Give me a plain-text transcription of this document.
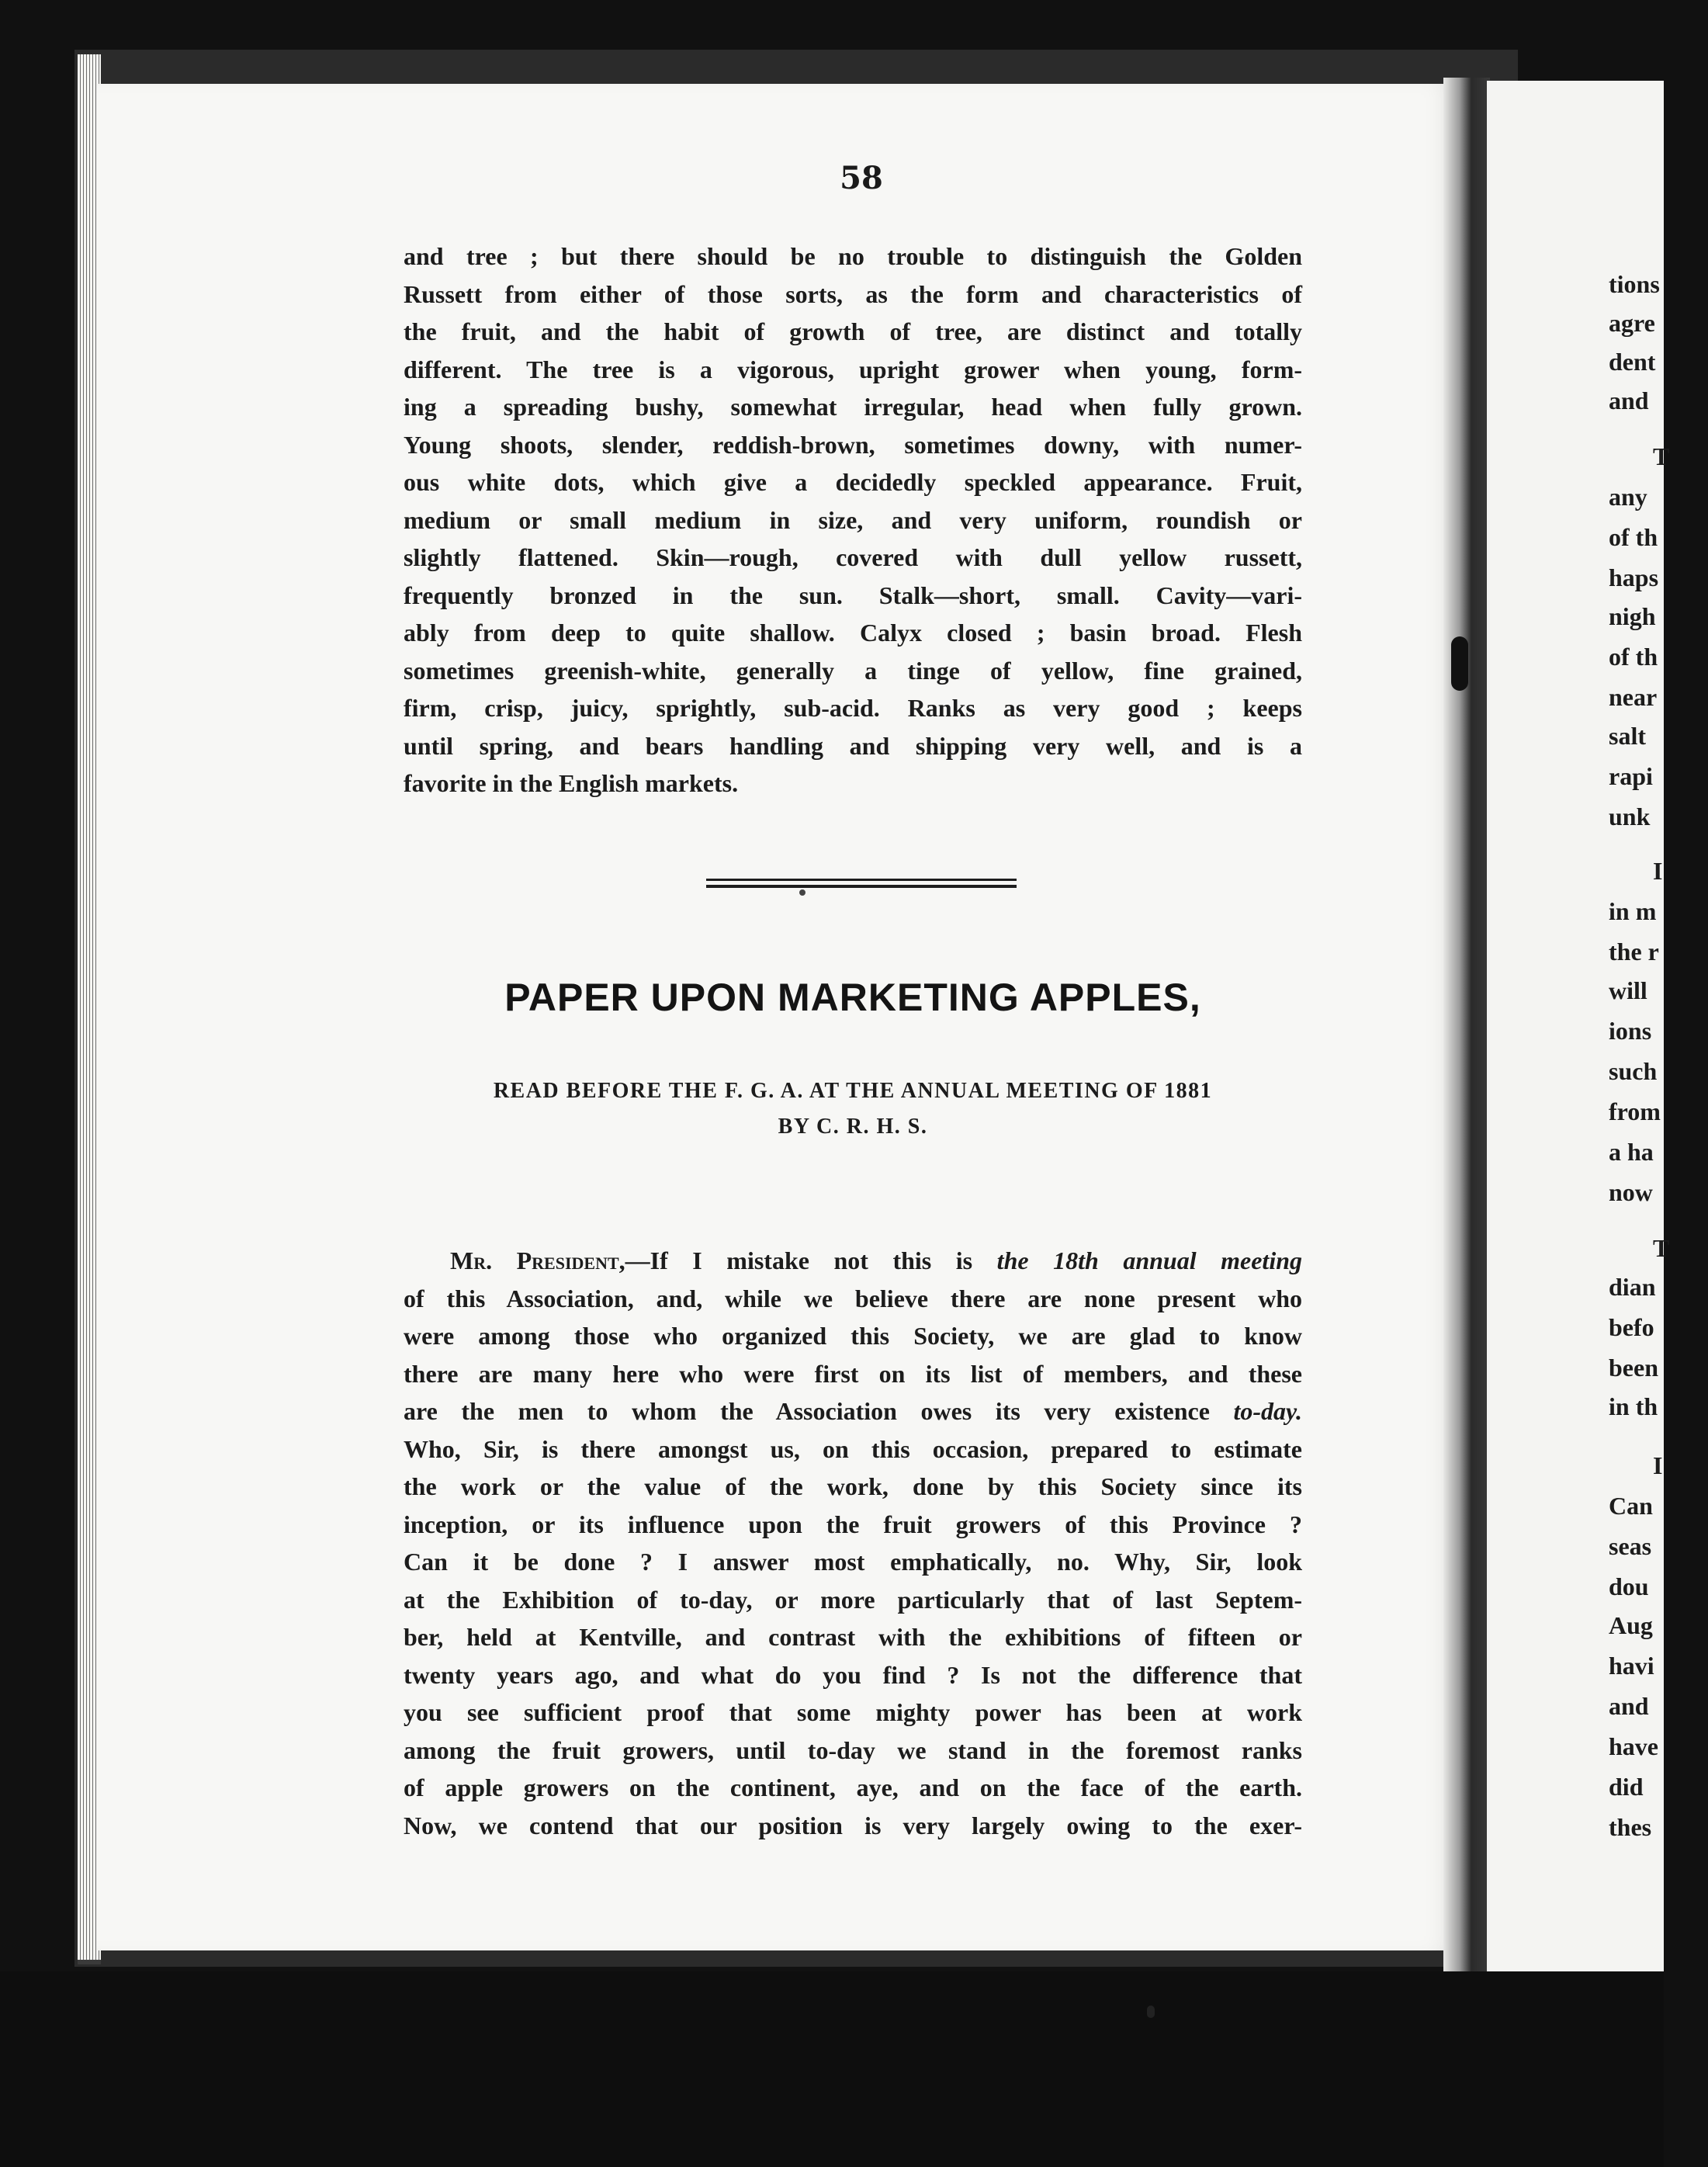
58
and tree ; but there should be no trouble to distinguish the Golden
Russett from either of those sorts, as the form and characteristics of
the fruit, and the habit of growth of tree, are distinct and totally
different. The tree is a vigorous, upright grower when young, form-
ing a spreading bushy, somewhat irregular, head when fully grown.
Young shoots, slender, reddish-brown, sometimes downy, with numer-
ous white dots, which give a decidedly speckled appearance. Fruit,
medium or small medium in size, and very uniform, roundish or
slightly flattened. Skin—rough, covered with dull yellow russett,
frequently bronzed in the sun. Stalk—short, small. Cavity—vari-
ably from deep to quite shallow. Calyx closed ; basin broad. Flesh
sometimes greenish-white, generally a tinge of yellow, fine grained,
firm, crisp, juicy, sprightly, sub-acid. Ranks as very good ; keeps
until spring, and bears handling and shipping very well, and is a
favorite in the English markets.
PAPER UPON MARKETING APPLES,
READ BEFORE THE F. G. A. AT THE ANNUAL MEETING OF 1881
BY C. R. H. S.
Mr. President,—If I mistake not this is the 18th annual meeting
of this Association, and, while we believe there are none present who
were among those who organized this Society, we are glad to know
there are many here who were first on its list of members, and these
are the men to whom the Association owes its very existence to-day.
Who, Sir, is there amongst us, on this occasion, prepared to estimate
the work or the value of the work, done by this Society since its
inception, or its influence upon the fruit growers of this Province ?
Can it be done ? I answer most emphatically, no. Why, Sir, look
at the Exhibition of to-day, or more particularly that of last Septem-
ber, held at Kentville, and contrast with the exhibitions of fifteen or
twenty years ago, and what do you find ? Is not the difference that
you see sufficient proof that some mighty power has been at work
among the fruit growers, until to-day we stand in the foremost ranks
of apple growers on the continent, aye, and on the face of the earth.
Now, we contend that our position is very largely owing to the exer-
tions
agre
dent
and
T
any
of th
haps
nigh
of th
near
salt
rapi
unk
I
in m
the r
will
ions
such
from
a ha
now
T
dian
befo
been
in th
I
Can
seas
dou
Aug
havi
and
have
did
thes
